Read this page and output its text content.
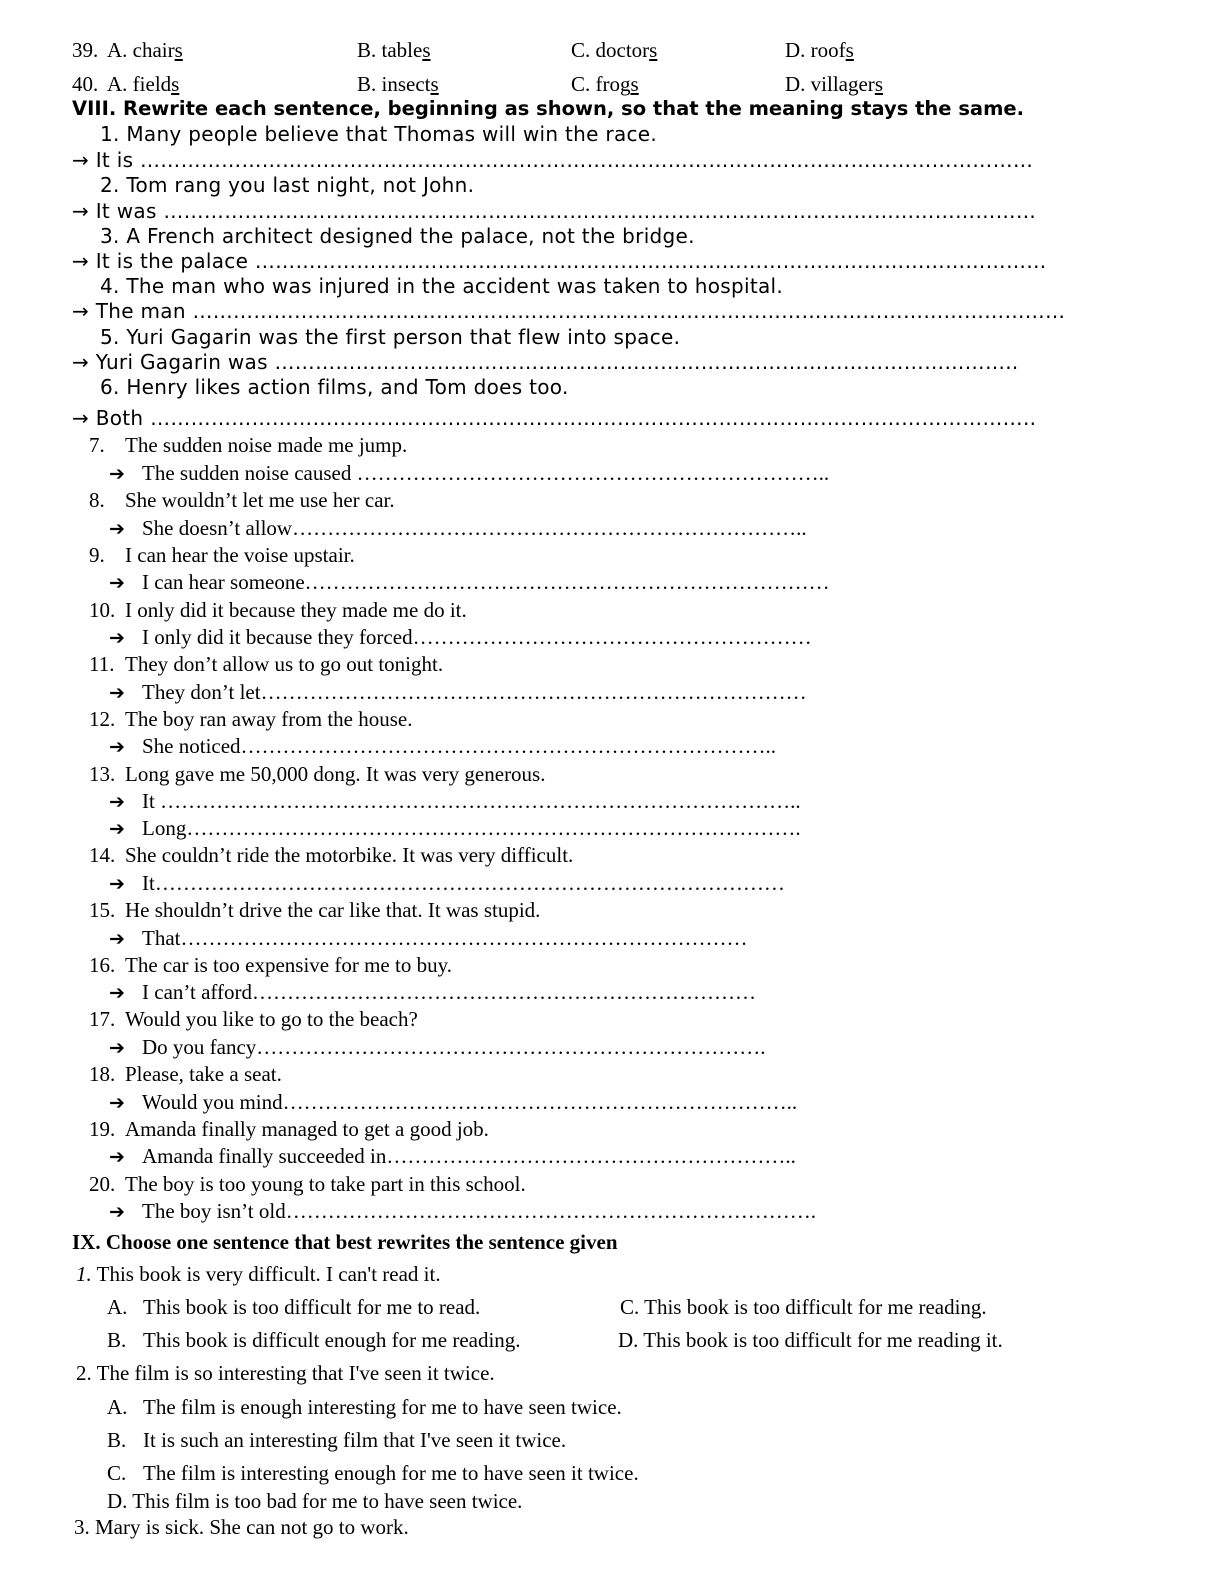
39. A. chairs	B. tables	C. doctors	D. roofs
40. A. fields	B. insects	C. frogs	D. villagers
VIII. Rewrite each sentence, beginning as shown, so that the meaning stays the same.
1. Many people believe that Thomas will win the race.
→ It is ……………………………………………………………………………………………………………………
2. Tom rang you last night, not John.
→ It was …………………………………………………………………………………………………………………
3. A French architect designed the palace, not the bridge.
→ It is the palace ………………………………………………………………………………………………………
4. The man who was injured in the accident was taken to hospital.
→ The man …………………………………………………………………………………………………………………
5. Yuri Gagarin was the first person that flew into space.
→ Yuri Gagarin was ………………………………………………………………………………………………..
6. Henry likes action films, and Tom does too.
→ Both …………………………………………………………………………………………………………………..
7. The sudden noise made me jump.
➔ The sudden noise caused …………………………………………………………..
8. She wouldn’t let me use her car.
➔ She doesn’t allow………………………………………………………………..
9. I can hear the voise upstair.
➔ I can hear someone…………………………………………………………………
10. I only did it because they made me do it.
➔ I only did it because they forced…………………………………………………
11. They don’t allow us to go out tonight.
➔ They don’t let……………………………………………………………………
12. The boy ran away from the house.
➔ She noticed…………………………………………………………………..
13. Long gave me 50,000 dong. It was very generous.
➔ It ………………………………………………………………………………..
➔ Long…………………………………………………………………………….
14. She couldn’t ride the motorbike. It was very difficult.
➔ It………………………………………………………………………………
15. He shouldn’t drive the car like that. It was stupid.
➔ That………………………………………………………………………
16. The car is too expensive for me to buy.
➔ I can’t afford………………………………………………………………
17. Would you like to go to the beach?
➔ Do you fancy……………………………………………………………….
18. Please, take a seat.
➔ Would you mind………………………………………………………………..
19. Amanda finally managed to get a good job.
➔ Amanda finally succeeded in…………………………………………………..
20. The boy is too young to take part in this school.
➔ The boy isn’t old………………………………………………………………….
IX. Choose one sentence that best rewrites the sentence given
1. This book is very difficult. I can't read it.
A. This book is too difficult for me to read.	C. This book is too difficult for me reading.
B. This book is difficult enough for me reading.	D. This book is too difficult for me reading it.
2. The film is so interesting that I've seen it twice.
A. The film is enough interesting for me to have seen twice.
B. It is such an interesting film that I've seen it twice.
C. The film is interesting enough for me to have seen it twice.
D. This film is too bad for me to have seen twice.
3. Mary is sick. She can not go to work.
